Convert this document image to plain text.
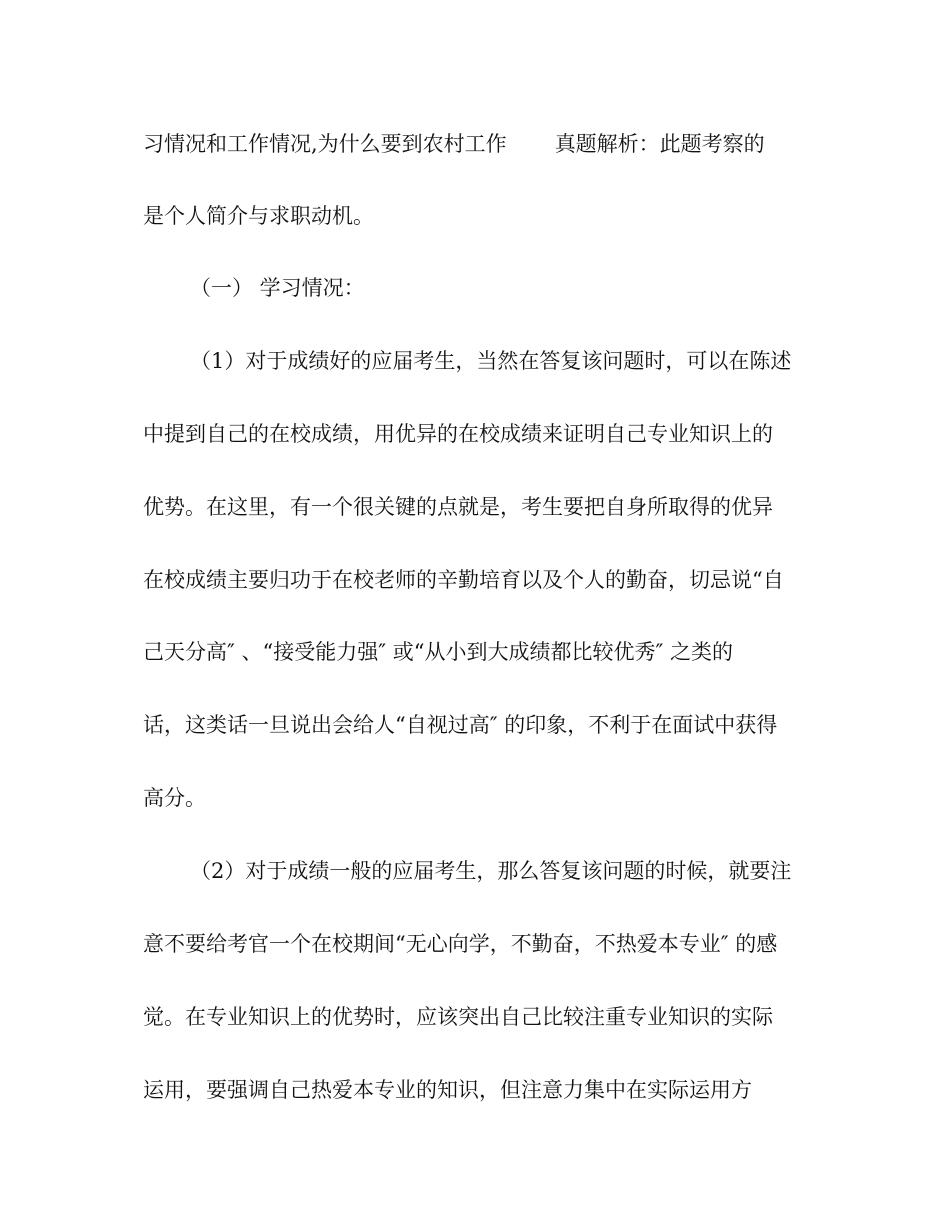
习情况和工作情况,为什么要到农村工作 真题解析：此题考察的
是个人简介与求职动机。
（一） 学习情况：
（1）对于成绩好的应届考生，当然在答复该问题时，可以在陈述
中提到自己的在校成绩，用优异的在校成绩来证明自己专业知识上的
优势。在这里，有一个很关键的点就是，考生要把自身所取得的优异
在校成绩主要归功于在校老师的辛勤培育以及个人的勤奋，切忌说“自
己天分高″ 、“接受能力强″ 或“从小到大成绩都比较优秀″ 之类的
话，这类话一旦说出会给人“自视过高″ 的印象，不利于在面试中获得
高分。
（2）对于成绩一般的应届考生，那么答复该问题的时候，就要注
意不要给考官一个在校期间“无心向学，不勤奋，不热爱本专业″ 的感
觉。在专业知识上的优势时，应该突出自己比较注重专业知识的实际
运用，要强调自己热爱本专业的知识，但注意力集中在实际运用方
